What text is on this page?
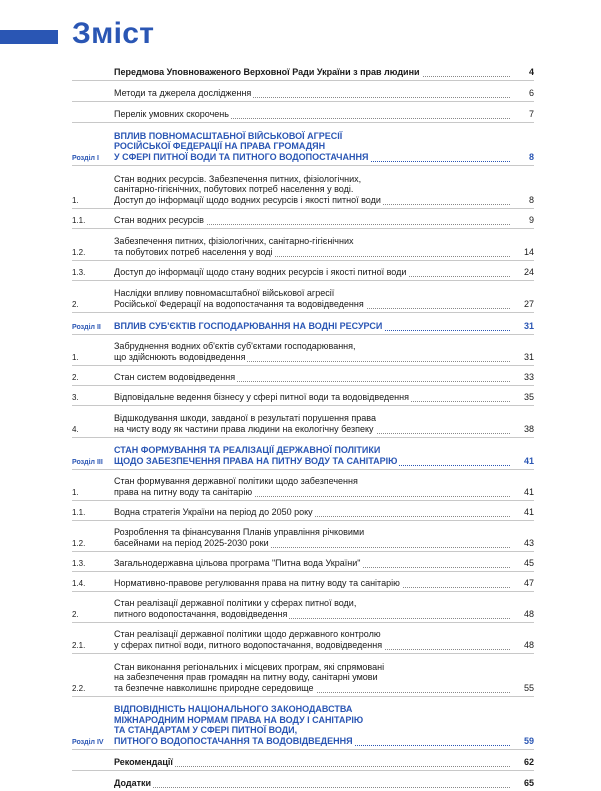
Зміст
Передмова Уповноваженого Верховної Ради України з прав людини	4
Методи та джерела дослідження	6
Перелік умовних скорочень	7
Розділ I
ВПЛИВ ПОВНОМАСШТАБНОЇ ВІЙСЬКОВОЇ АГРЕСІЇ
РОСІЙСЬКОЇ ФЕДЕРАЦІЇ НА ПРАВА ГРОМАДЯН
У СФЕРІ ПИТНОЇ ВОДИ ТА ПИТНОГО ВОДОПОСТАЧАННЯ	8
1.
Стан водних ресурсів. Забезпечення питних, фізіологічних,
санітарно-гігієнічних, побутових потреб населення у воді.
Доступ до інформації щодо водних ресурсів і якості питної води	8
1.1.	Стан водних ресурсів	9
1.2.
Забезпечення питних, фізіологічних, санітарно-гігієнічних
та побутових потреб населення у воді	14
1.3.	Доступ до інформації щодо стану водних ресурсів і якості питної води	24
2.
Наслідки впливу повномасштабної військової агресії
Російської Федерації на водопостачання та водовідведення	27
Розділ II	ВПЛИВ СУБ'ЄКТІВ ГОСПОДАРЮВАННЯ НА ВОДНІ РЕСУРСИ	31
1.
Забруднення водних об'єктів суб'єктами господарювання,
що здійснюють водовідведення	31
2.	Стан систем водовідведення	33
3.	Відповідальне ведення бізнесу у сфері питної води та водовідведення	35
4.
Відшкодування шкоди, завданої в результаті порушення права
на чисту воду як частини права людини на екологічну безпеку	38
Розділ III
СТАН ФОРМУВАННЯ ТА РЕАЛІЗАЦІЇ ДЕРЖАВНОЇ ПОЛІТИКИ
ЩОДО ЗАБЕЗПЕЧЕННЯ ПРАВА НА ПИТНУ ВОДУ ТА САНІТАРІЮ	41
1.
Стан формування державної політики щодо забезпечення
права на питну воду та санітарію	41
1.1.	Водна стратегія України на період до 2050 року	41
1.2.
Розроблення та фінансування Планів управління річковими
басейнами на період 2025-2030 роки	43
1.3.	Загальнодержавна цільова програма "Питна вода України"	45
1.4.	Нормативно-правове регулювання права на питну воду та санітарію	47
2.
Стан реалізації державної політики у сферах питної води,
питного водопостачання, водовідведення	48
2.1.
Стан реалізації державної політики щодо державного контролю
у сферах питної води, питного водопостачання, водовідведення	48
2.2.
Стан виконання регіональних і місцевих програм, які спрямовані
на забезпечення прав громадян на питну воду, санітарні умови
та безпечне навколишнє природне середовище	55
Розділ IV
ВІДПОВІДНІСТЬ НАЦІОНАЛЬНОГО ЗАКОНОДАВСТВА
МІЖНАРОДНИМ НОРМАМ ПРАВА НА ВОДУ І САНІТАРІЮ
ТА СТАНДАРТАМ У СФЕРІ ПИТНОЇ ВОДИ,
ПИТНОГО ВОДОПОСТАЧАННЯ ТА ВОДОВІДВЕДЕННЯ	59
Рекомендації	62
Додатки	65
